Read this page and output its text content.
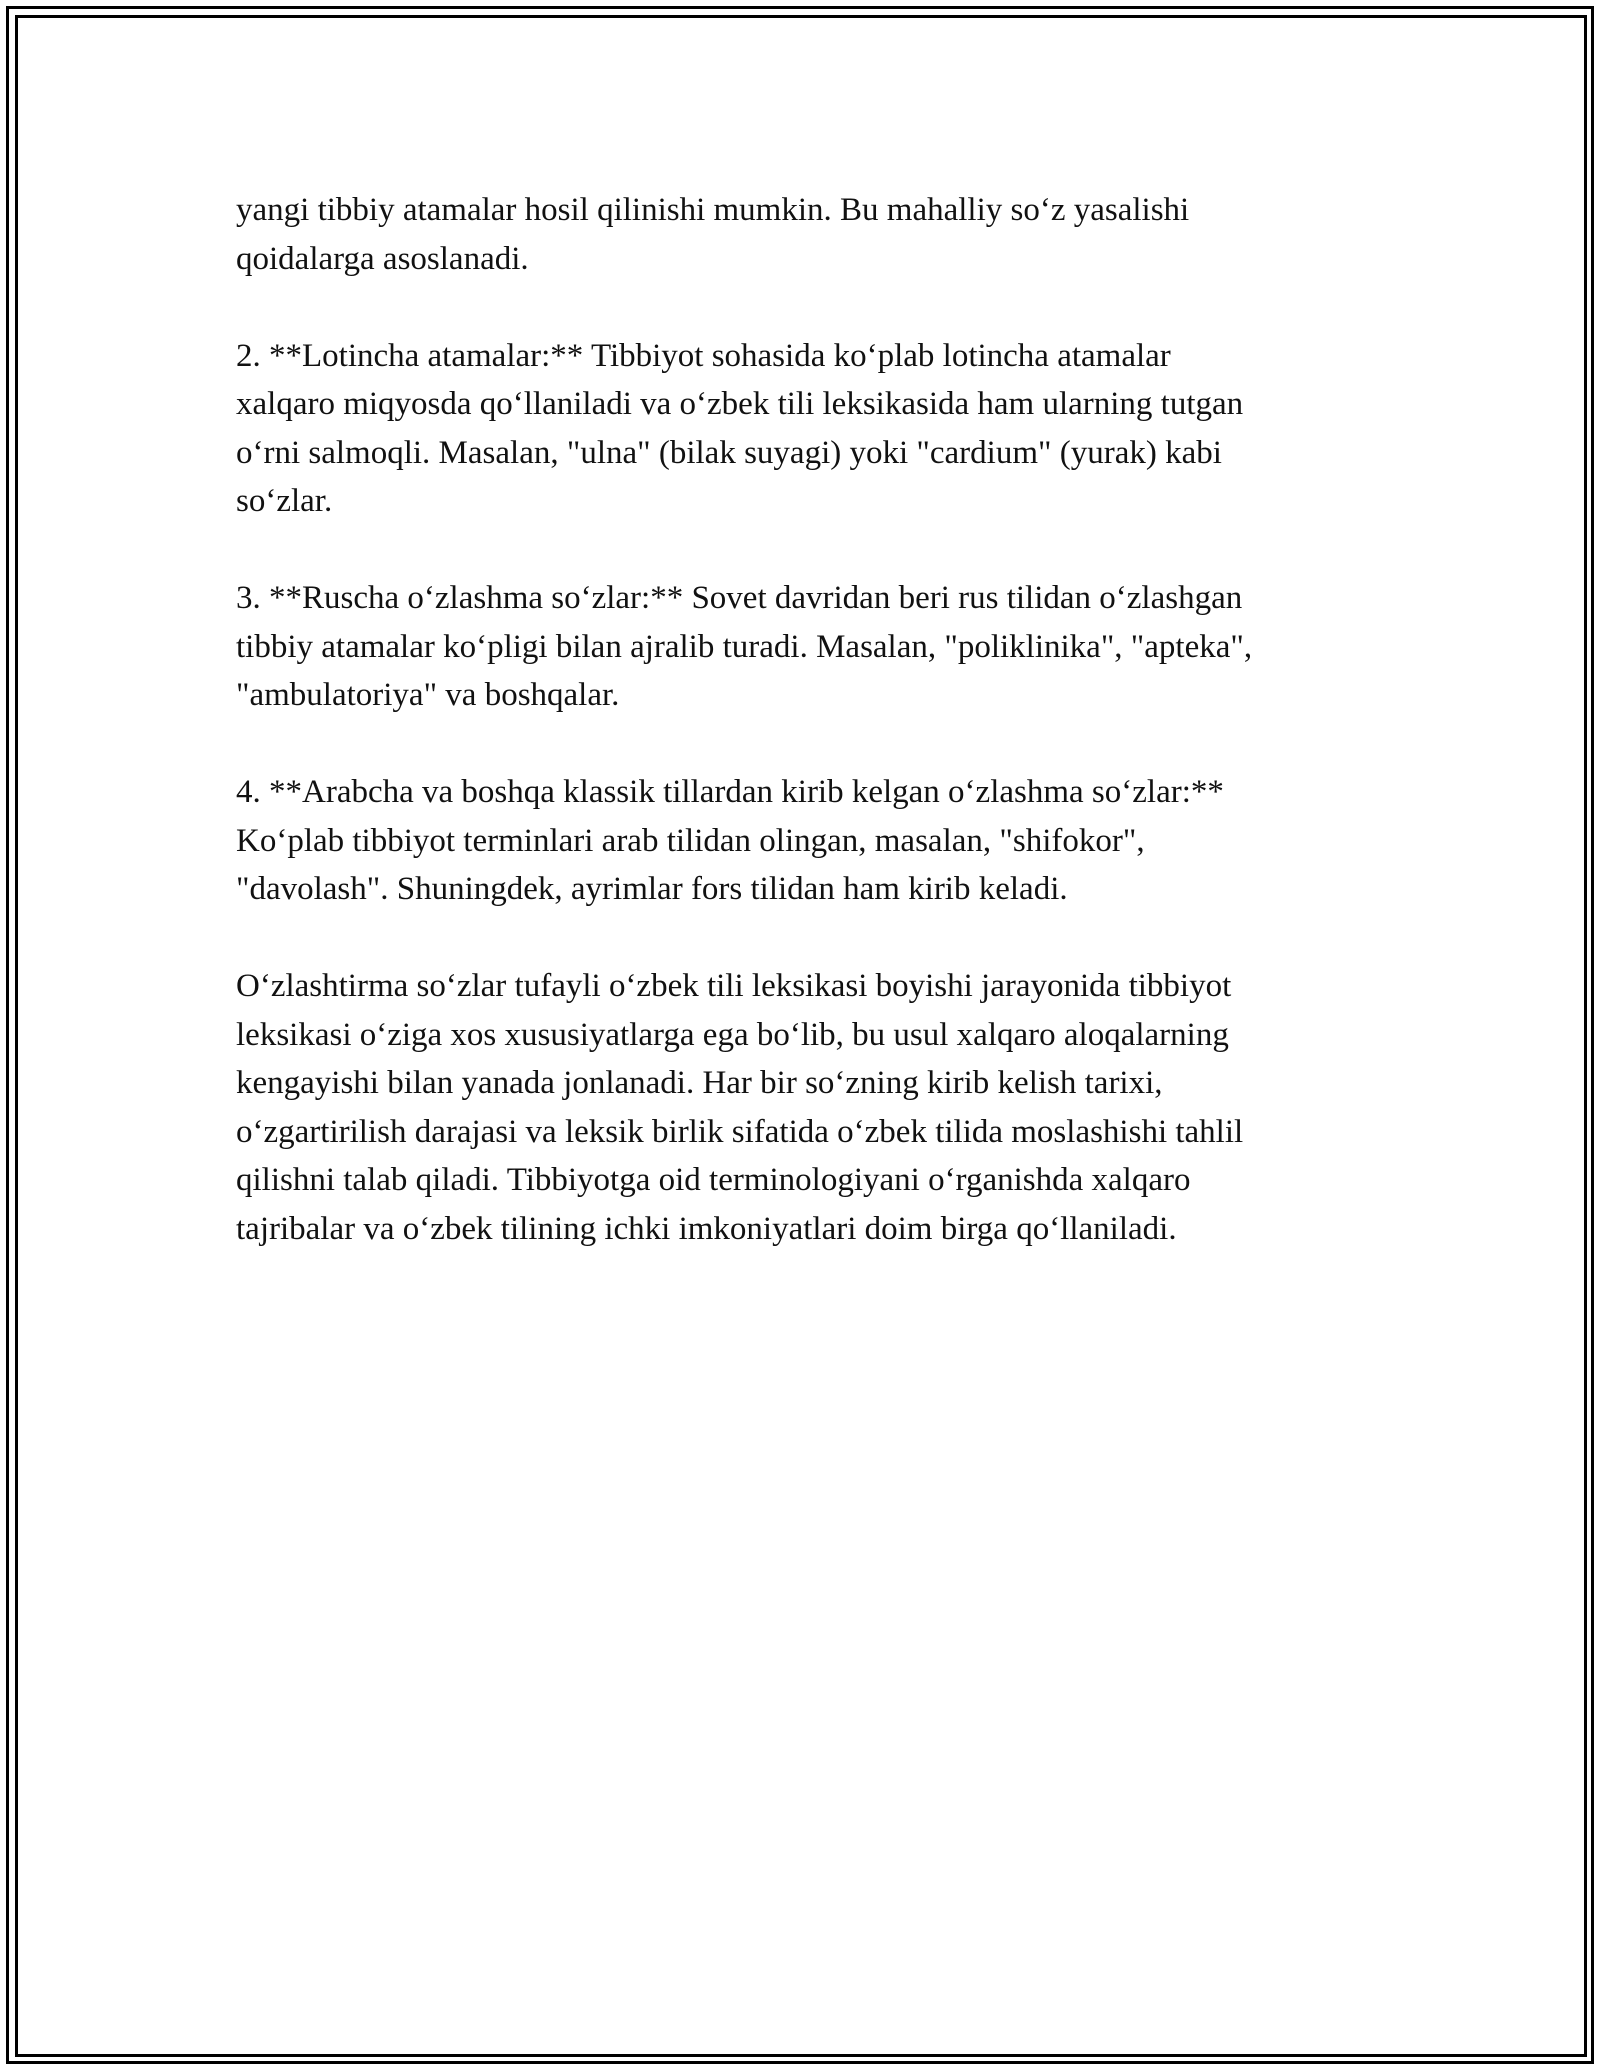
yangi tibbiy atamalar hosil qilinishi mumkin. Bu mahalliy so‘z yasalishi
qoidalarga asoslanadi.

2. **Lotincha atamalar:** Tibbiyot sohasida ko‘plab lotincha atamalar
xalqaro miqyosda qo‘llaniladi va o‘zbek tili leksikasida ham ularning tutgan
o‘rni salmoqli. Masalan, "ulna" (bilak suyagi) yoki "cardium" (yurak) kabi
so‘zlar.

3. **Ruscha o‘zlashma so‘zlar:** Sovet davridan beri rus tilidan o‘zlashgan
tibbiy atamalar ko‘pligi bilan ajralib turadi. Masalan, "poliklinika", "apteka",
"ambulatoriya" va boshqalar.

4. **Arabcha va boshqa klassik tillardan kirib kelgan o‘zlashma so‘zlar:**
Ko‘plab tibbiyot terminlari arab tilidan olingan, masalan, "shifokor",
"davolash". Shuningdek, ayrimlar fors tilidan ham kirib keladi.

O‘zlashtirma so‘zlar tufayli o‘zbek tili leksikasi boyishi jarayonida tibbiyot
leksikasi o‘ziga xos xususiyatlarga ega bo‘lib, bu usul xalqaro aloqalarning
kengayishi bilan yanada jonlanadi. Har bir so‘zning kirib kelish tarixi,
o‘zgartirilish darajasi va leksik birlik sifatida o‘zbek tilida moslashishi tahlil
qilishni talab qiladi. Tibbiyotga oid terminologiyani o‘rganishda xalqaro
tajribalar va o‘zbek tilining ichki imkoniyatlari doim birga qo‘llaniladi.
